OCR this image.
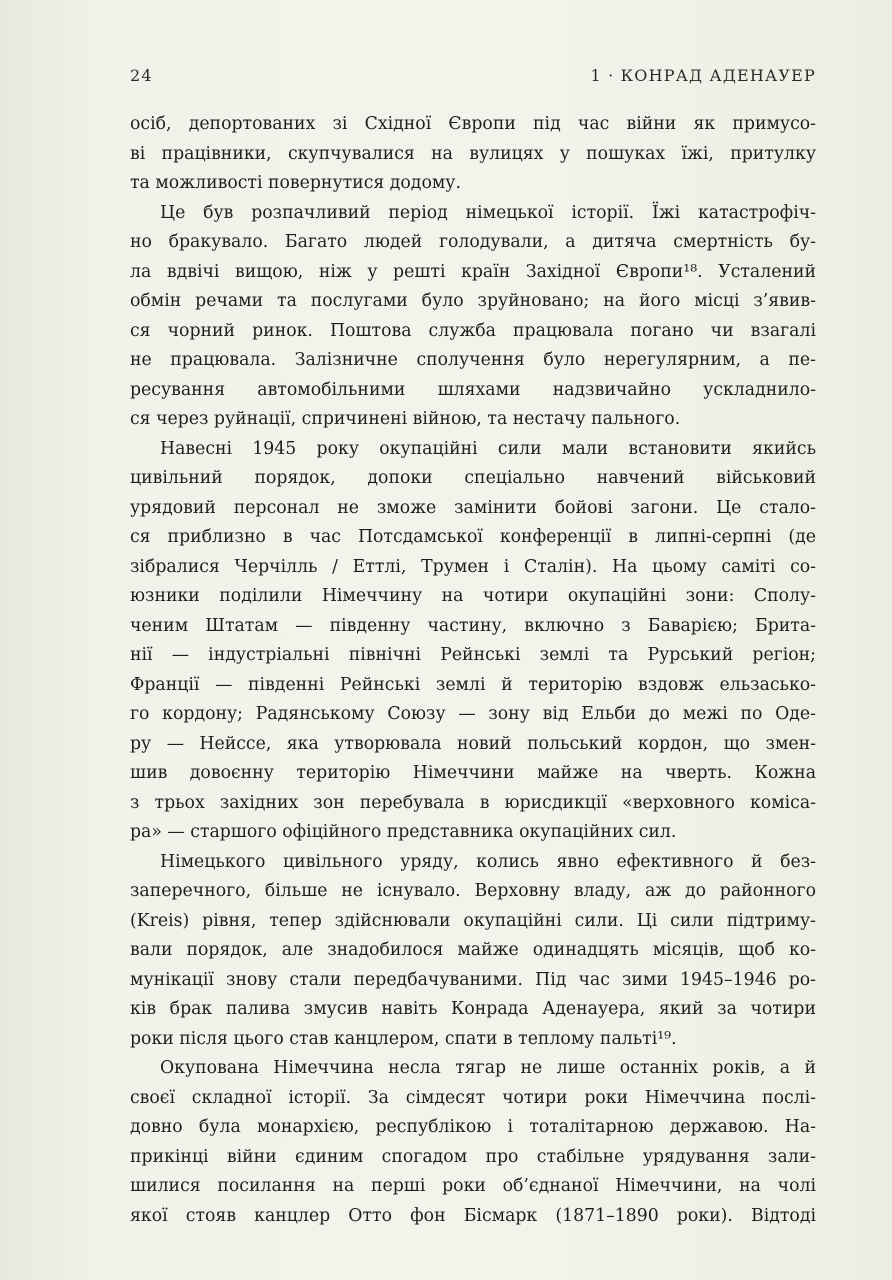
24	1 · КОНРАД АДЕНАУЕР
осіб, депортованих зі Східної Європи під час війни як примусо-
ві працівники, скупчувалися на вулицях у пошуках їжі, притулку
та можливості повернутися додому.
Це був розпачливий період німецької історії. Їжі катастрофіч-
но бракувало. Багато людей голодували, а дитяча смертність бу-
ла вдвічі вищою, ніж у решті країн Західної Європи¹⁸. Усталений
обмін речами та послугами було зруйновано; на його місці з’явив-
ся чорний ринок. Поштова служба працювала погано чи взагалі
не працювала. Залізничне сполучення було нерегулярним, а пе-
ресування автомобільними шляхами надзвичайно ускладнило-
ся через руйнації, спричинені війною, та нестачу пального.
Навесні 1945 року окупаційні сили мали встановити якийсь
цивільний порядок, допоки спеціально навчений військовий
урядовий персонал не зможе замінити бойові загони. Це стало-
ся приблизно в час Потсдамської конференції в липні-серпні (де
зібралися Черчілль / Еттлі, Трумен і Сталін). На цьому саміті со-
юзники поділили Німеччину на чотири окупаційні зони: Сполу-
ченим Штатам — південну частину, включно з Баварією; Брита-
нії — індустріальні північні Рейнські землі та Рурський регіон;
Франції — південні Рейнські землі й територію вздовж ельзасько-
го кордону; Радянському Союзу — зону від Ельби до межі по Оде-
ру — Нейссе, яка утворювала новий польський кордон, що змен-
шив довоєнну територію Німеччини майже на чверть. Кожна
з трьох західних зон перебувала в юрисдикції «верховного коміса-
ра» — старшого офіційного представника окупаційних сил.
Німецького цивільного уряду, колись явно ефективного й без-
заперечного, більше не існувало. Верховну владу, аж до районного
(Kreis) рівня, тепер здійснювали окупаційні сили. Ці сили підтриму-
вали порядок, але знадобилося майже одинадцять місяців, щоб ко-
мунікації знову стали передбачуваними. Під час зими 1945–1946 ро-
ків брак палива змусив навіть Конрада Аденауера, який за чотири
роки після цього став канцлером, спати в теплому пальті¹⁹.
Окупована Німеччина несла тягар не лише останніх років, а й
своєї складної історії. За сімдесят чотири роки Німеччина послі-
довно була монархією, республікою і тоталітарною державою. На-
прикінці війни єдиним спогадом про стабільне урядування зали-
шилися посилання на перші роки об’єднаної Німеччини, на чолі
якої стояв канцлер Отто фон Бісмарк (1871–1890 роки). Відтоді
